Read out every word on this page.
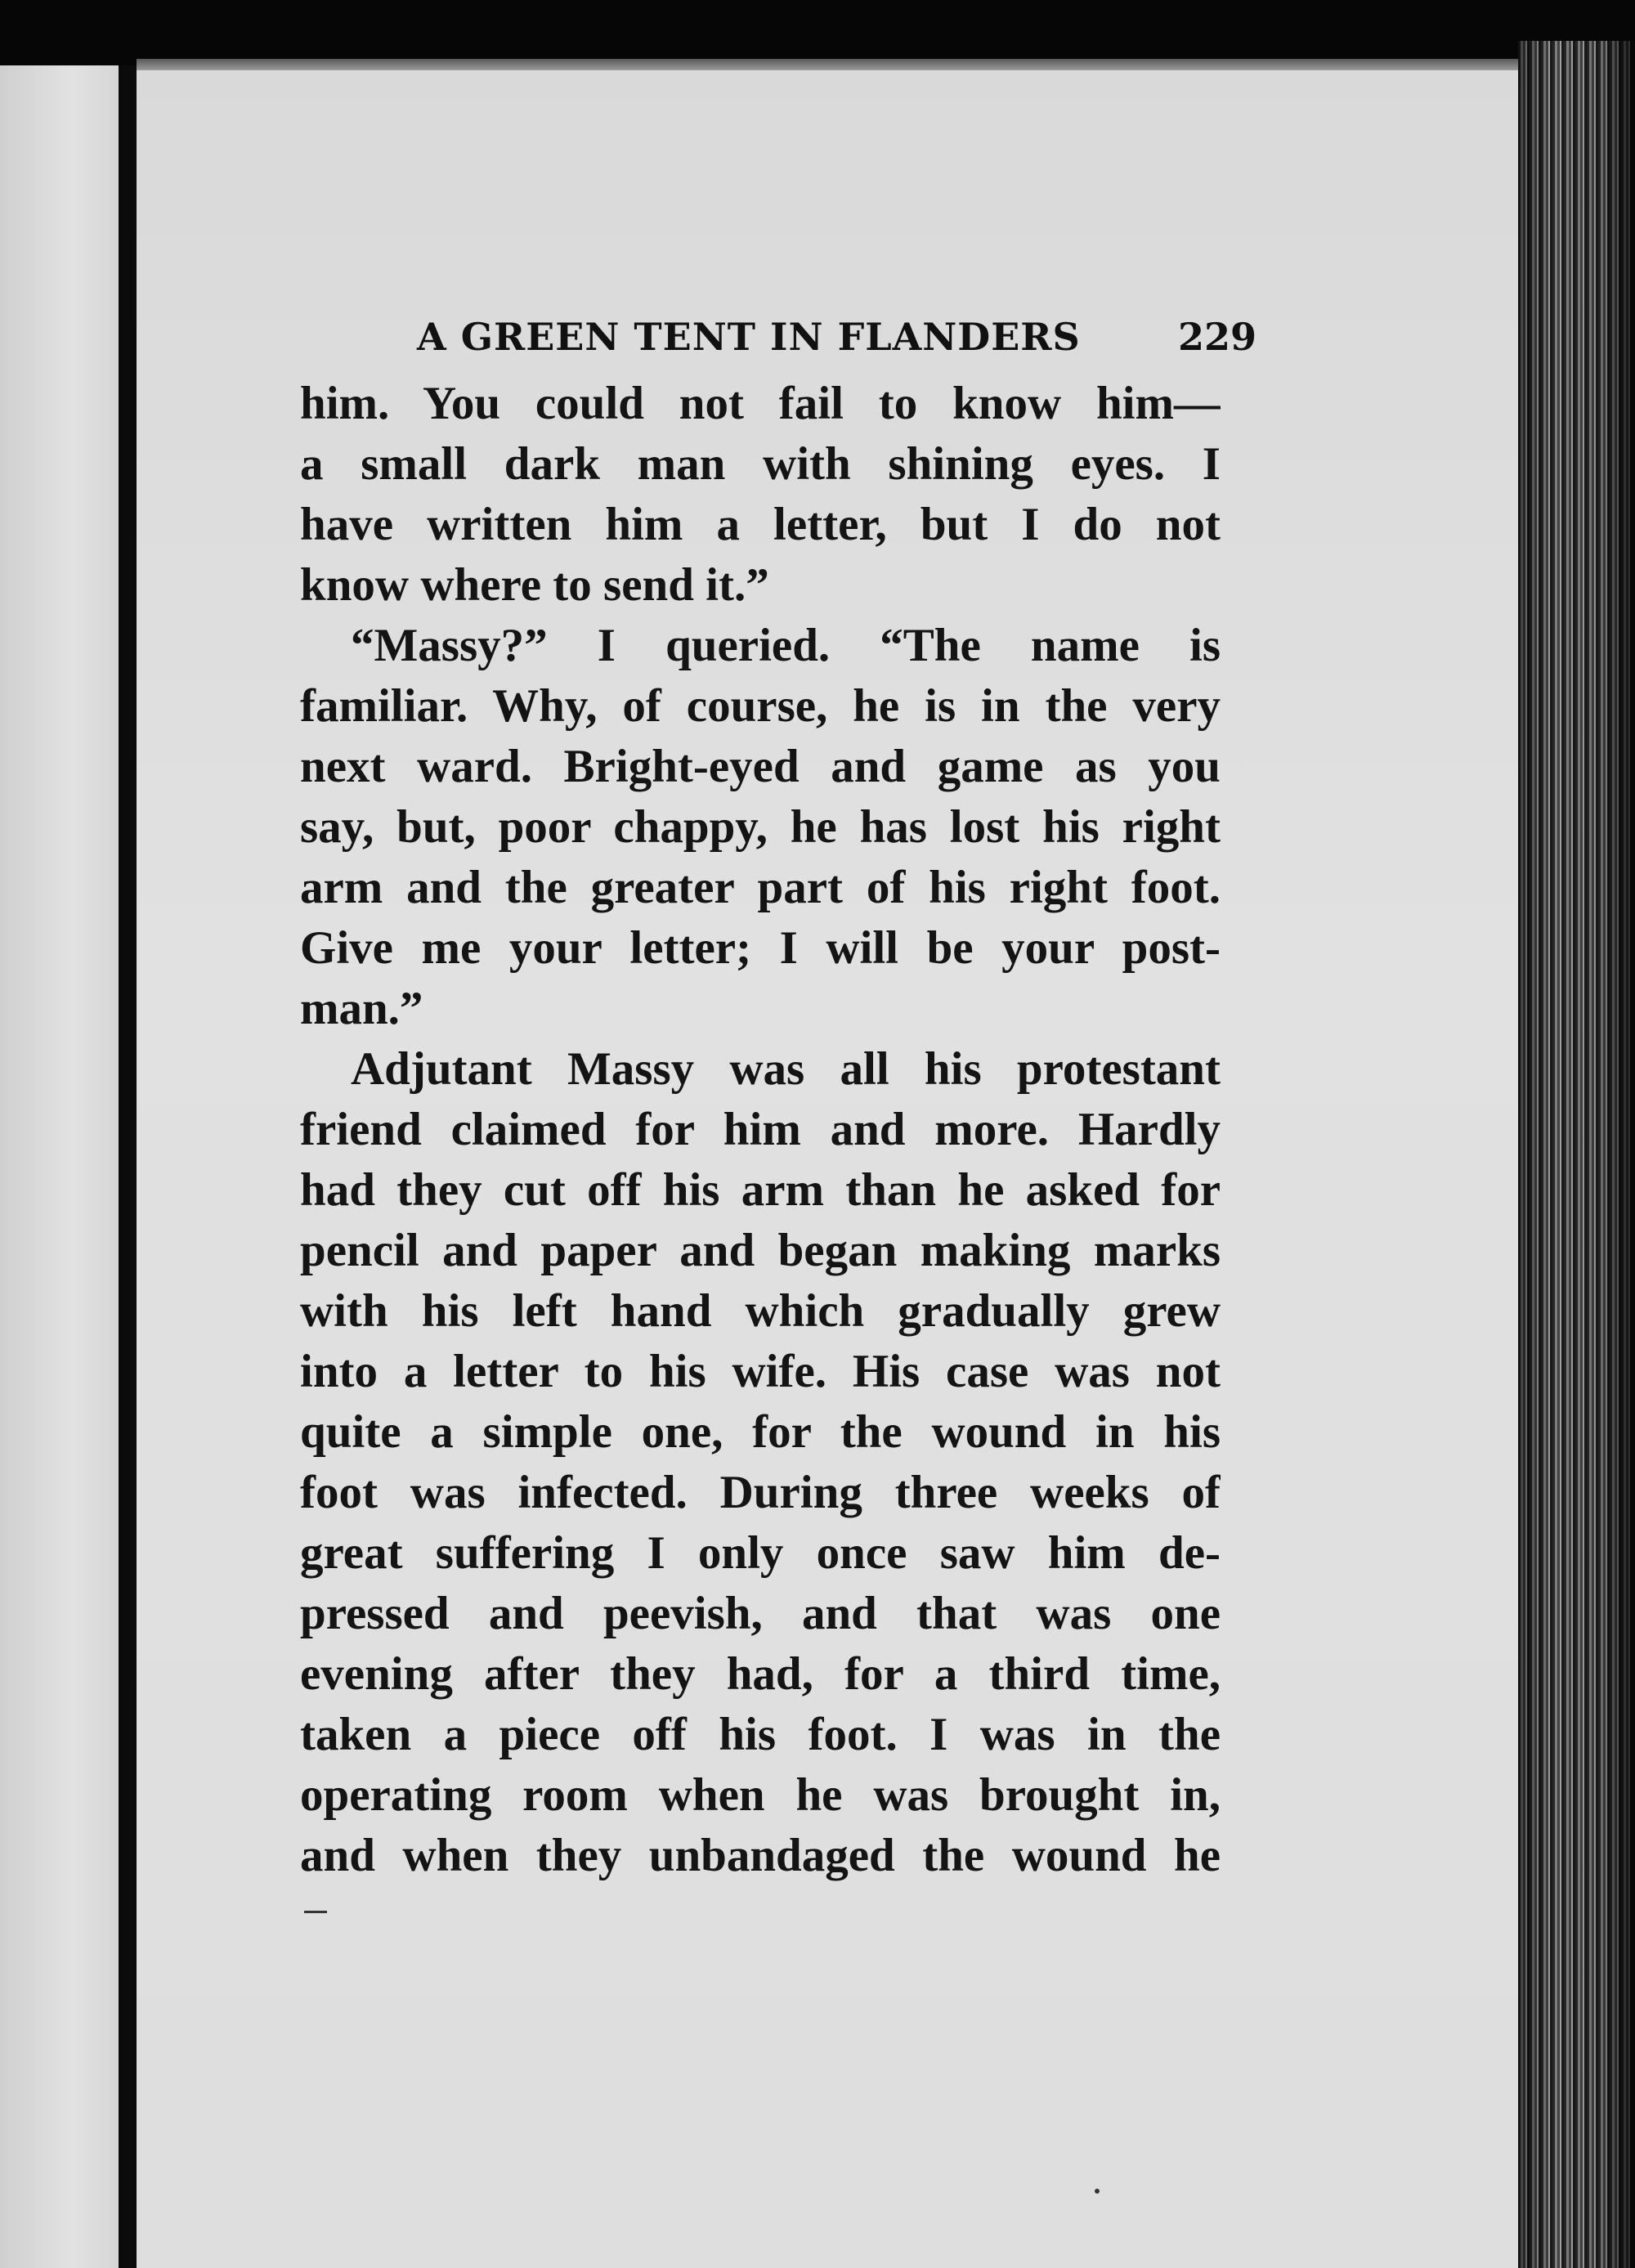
A GREEN TENT IN FLANDERS	229
him. You could not fail to know him—
a small dark man with shining eyes. I
have written him a letter, but I do not
know where to send it.”
“Massy?” I queried. “The name is
familiar. Why, of course, he is in the very
next ward. Bright-eyed and game as you
say, but, poor chappy, he has lost his right
arm and the greater part of his right foot.
Give me your letter; I will be your post-
man.”
Adjutant Massy was all his protestant
friend claimed for him and more. Hardly
had they cut off his arm than he asked for
pencil and paper and began making marks
with his left hand which gradually grew
into a letter to his wife. His case was not
quite a simple one, for the wound in his
foot was infected. During three weeks of
great suffering I only once saw him de-
pressed and peevish, and that was one
evening after they had, for a third time,
taken a piece off his foot. I was in the
operating room when he was brought in,
and when they unbandaged the wound he
